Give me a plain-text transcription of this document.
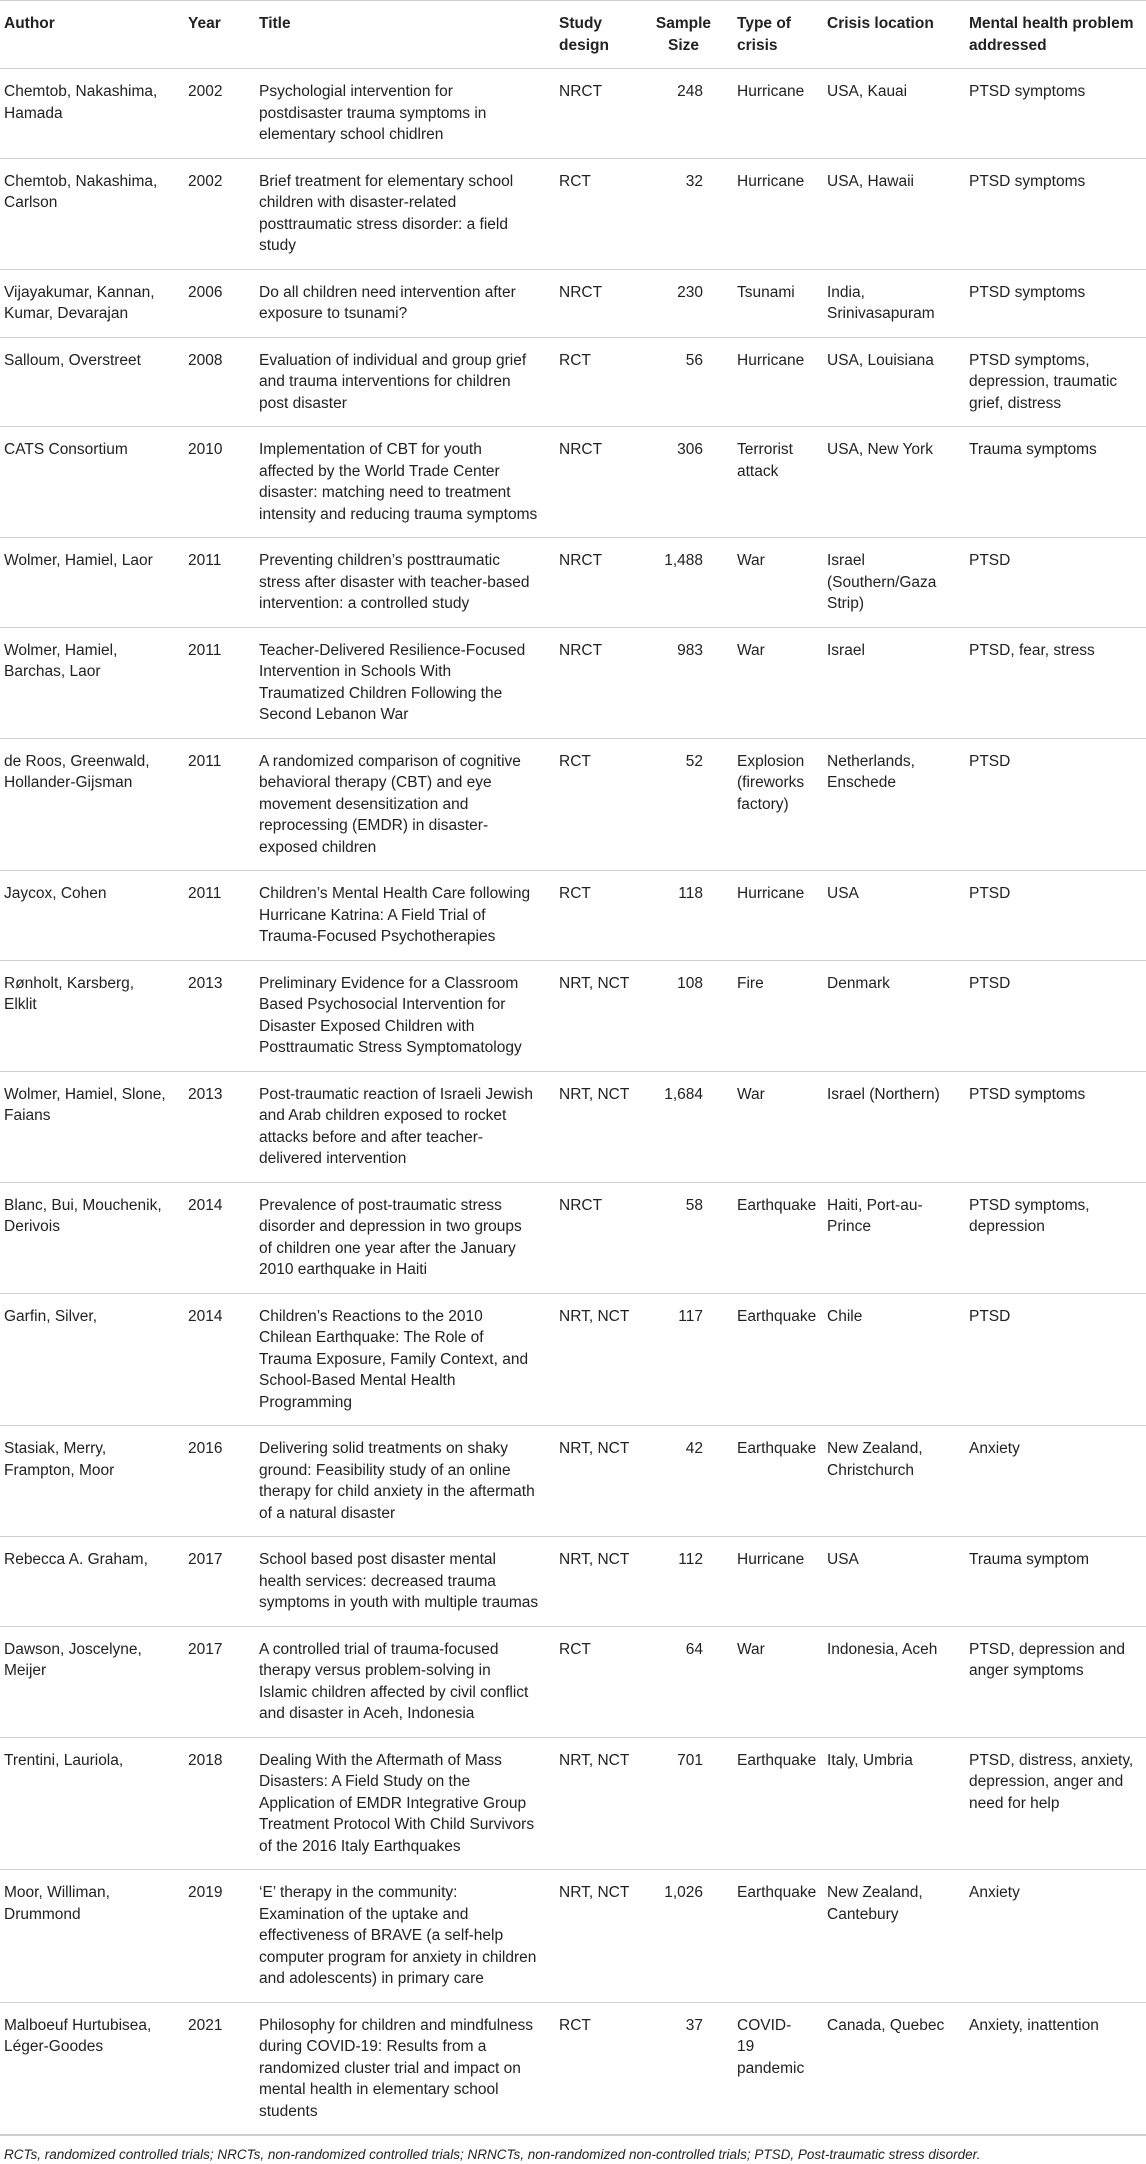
Author	Year	Title	Study design	Sample Size	Type of crisis	Crisis location	Mental health problem addressed
Chemtob, Nakashima, Hamada	2002	Psychologial intervention for postdisaster trauma symptoms in elementary school chidlren	NRCT	248	Hurricane	USA, Kauai	PTSD symptoms
Chemtob, Nakashima, Carlson	2002	Brief treatment for elementary school children with disaster-related posttraumatic stress disorder: a field study	RCT	32	Hurricane	USA, Hawaii	PTSD symptoms
Vijayakumar, Kannan, Kumar, Devarajan	2006	Do all children need intervention after exposure to tsunami?	NRCT	230	Tsunami	India, Srinivasapuram	PTSD symptoms
Salloum, Overstreet	2008	Evaluation of individual and group grief and trauma interventions for children post disaster	RCT	56	Hurricane	USA, Louisiana	PTSD symptoms, depression, traumatic grief, distress
CATS Consortium	2010	Implementation of CBT for youth affected by the World Trade Center disaster: matching need to treatment intensity and reducing trauma symptoms	NRCT	306	Terrorist attack	USA, New York	Trauma symptoms
Wolmer, Hamiel, Laor	2011	Preventing children’s posttraumatic stress after disaster with teacher-based intervention: a controlled study	NRCT	1,488	War	Israel (Southern/Gaza Strip)	PTSD
Wolmer, Hamiel, Barchas, Laor	2011	Teacher-Delivered Resilience-Focused Intervention in Schools With Traumatized Children Following the Second Lebanon War	NRCT	983	War	Israel	PTSD, fear, stress
de Roos, Greenwald, Hollander-Gijsman	2011	A randomized comparison of cognitive behavioral therapy (CBT) and eye movement desensitization and reprocessing (EMDR) in disaster-exposed children	RCT	52	Explosion (fireworks factory)	Netherlands, Enschede	PTSD
Jaycox, Cohen	2011	Children’s Mental Health Care following Hurricane Katrina: A Field Trial of Trauma-Focused Psychotherapies	RCT	118	Hurricane	USA	PTSD
Rønholt, Karsberg, Elklit	2013	Preliminary Evidence for a Classroom Based Psychosocial Intervention for Disaster Exposed Children with Posttraumatic Stress Symptomatology	NRT, NCT	108	Fire	Denmark	PTSD
Wolmer, Hamiel, Slone, Faians	2013	Post-traumatic reaction of Israeli Jewish and Arab children exposed to rocket attacks before and after teacher-delivered intervention	NRT, NCT	1,684	War	Israel (Northern)	PTSD symptoms
Blanc, Bui, Mouchenik, Derivois	2014	Prevalence of post-traumatic stress disorder and depression in two groups of children one year after the January 2010 earthquake in Haiti	NRCT	58	Earthquake	Haiti, Port-au-Prince	PTSD symptoms, depression
Garfin, Silver,	2014	Children’s Reactions to the 2010 Chilean Earthquake: The Role of Trauma Exposure, Family Context, and School-Based Mental Health Programming	NRT, NCT	117	Earthquake	Chile	PTSD
Stasiak, Merry, Frampton, Moor	2016	Delivering solid treatments on shaky ground: Feasibility study of an online therapy for child anxiety in the aftermath of a natural disaster	NRT, NCT	42	Earthquake	New Zealand, Christchurch	Anxiety
Rebecca A. Graham,	2017	School based post disaster mental health services: decreased trauma symptoms in youth with multiple traumas	NRT, NCT	112	Hurricane	USA	Trauma symptom
Dawson, Joscelyne, Meijer	2017	A controlled trial of trauma-focused therapy versus problem-solving in Islamic children affected by civil conflict and disaster in Aceh, Indonesia	RCT	64	War	Indonesia, Aceh	PTSD, depression and anger symptoms
Trentini, Lauriola,	2018	Dealing With the Aftermath of Mass Disasters: A Field Study on the Application of EMDR Integrative Group Treatment Protocol With Child Survivors of the 2016 Italy Earthquakes	NRT, NCT	701	Earthquake	Italy, Umbria	PTSD, distress, anxiety, depression, anger and need for help
Moor, Williman, Drummond	2019	‘E’ therapy in the community: Examination of the uptake and effectiveness of BRAVE (a self-help computer program for anxiety in children and adolescents) in primary care	NRT, NCT	1,026	Earthquake	New Zealand, Cantebury	Anxiety
Malboeuf Hurtubisea, Léger-Goodes	2021	Philosophy for children and mindfulness during COVID-19: Results from a randomized cluster trial and impact on mental health in elementary school students	RCT	37	COVID-19 pandemic	Canada, Quebec	Anxiety, inattention
RCTs, randomized controlled trials; NRCTs, non-randomized controlled trials; NRNCTs, non-randomized non-controlled trials; PTSD, Post-traumatic stress disorder.
